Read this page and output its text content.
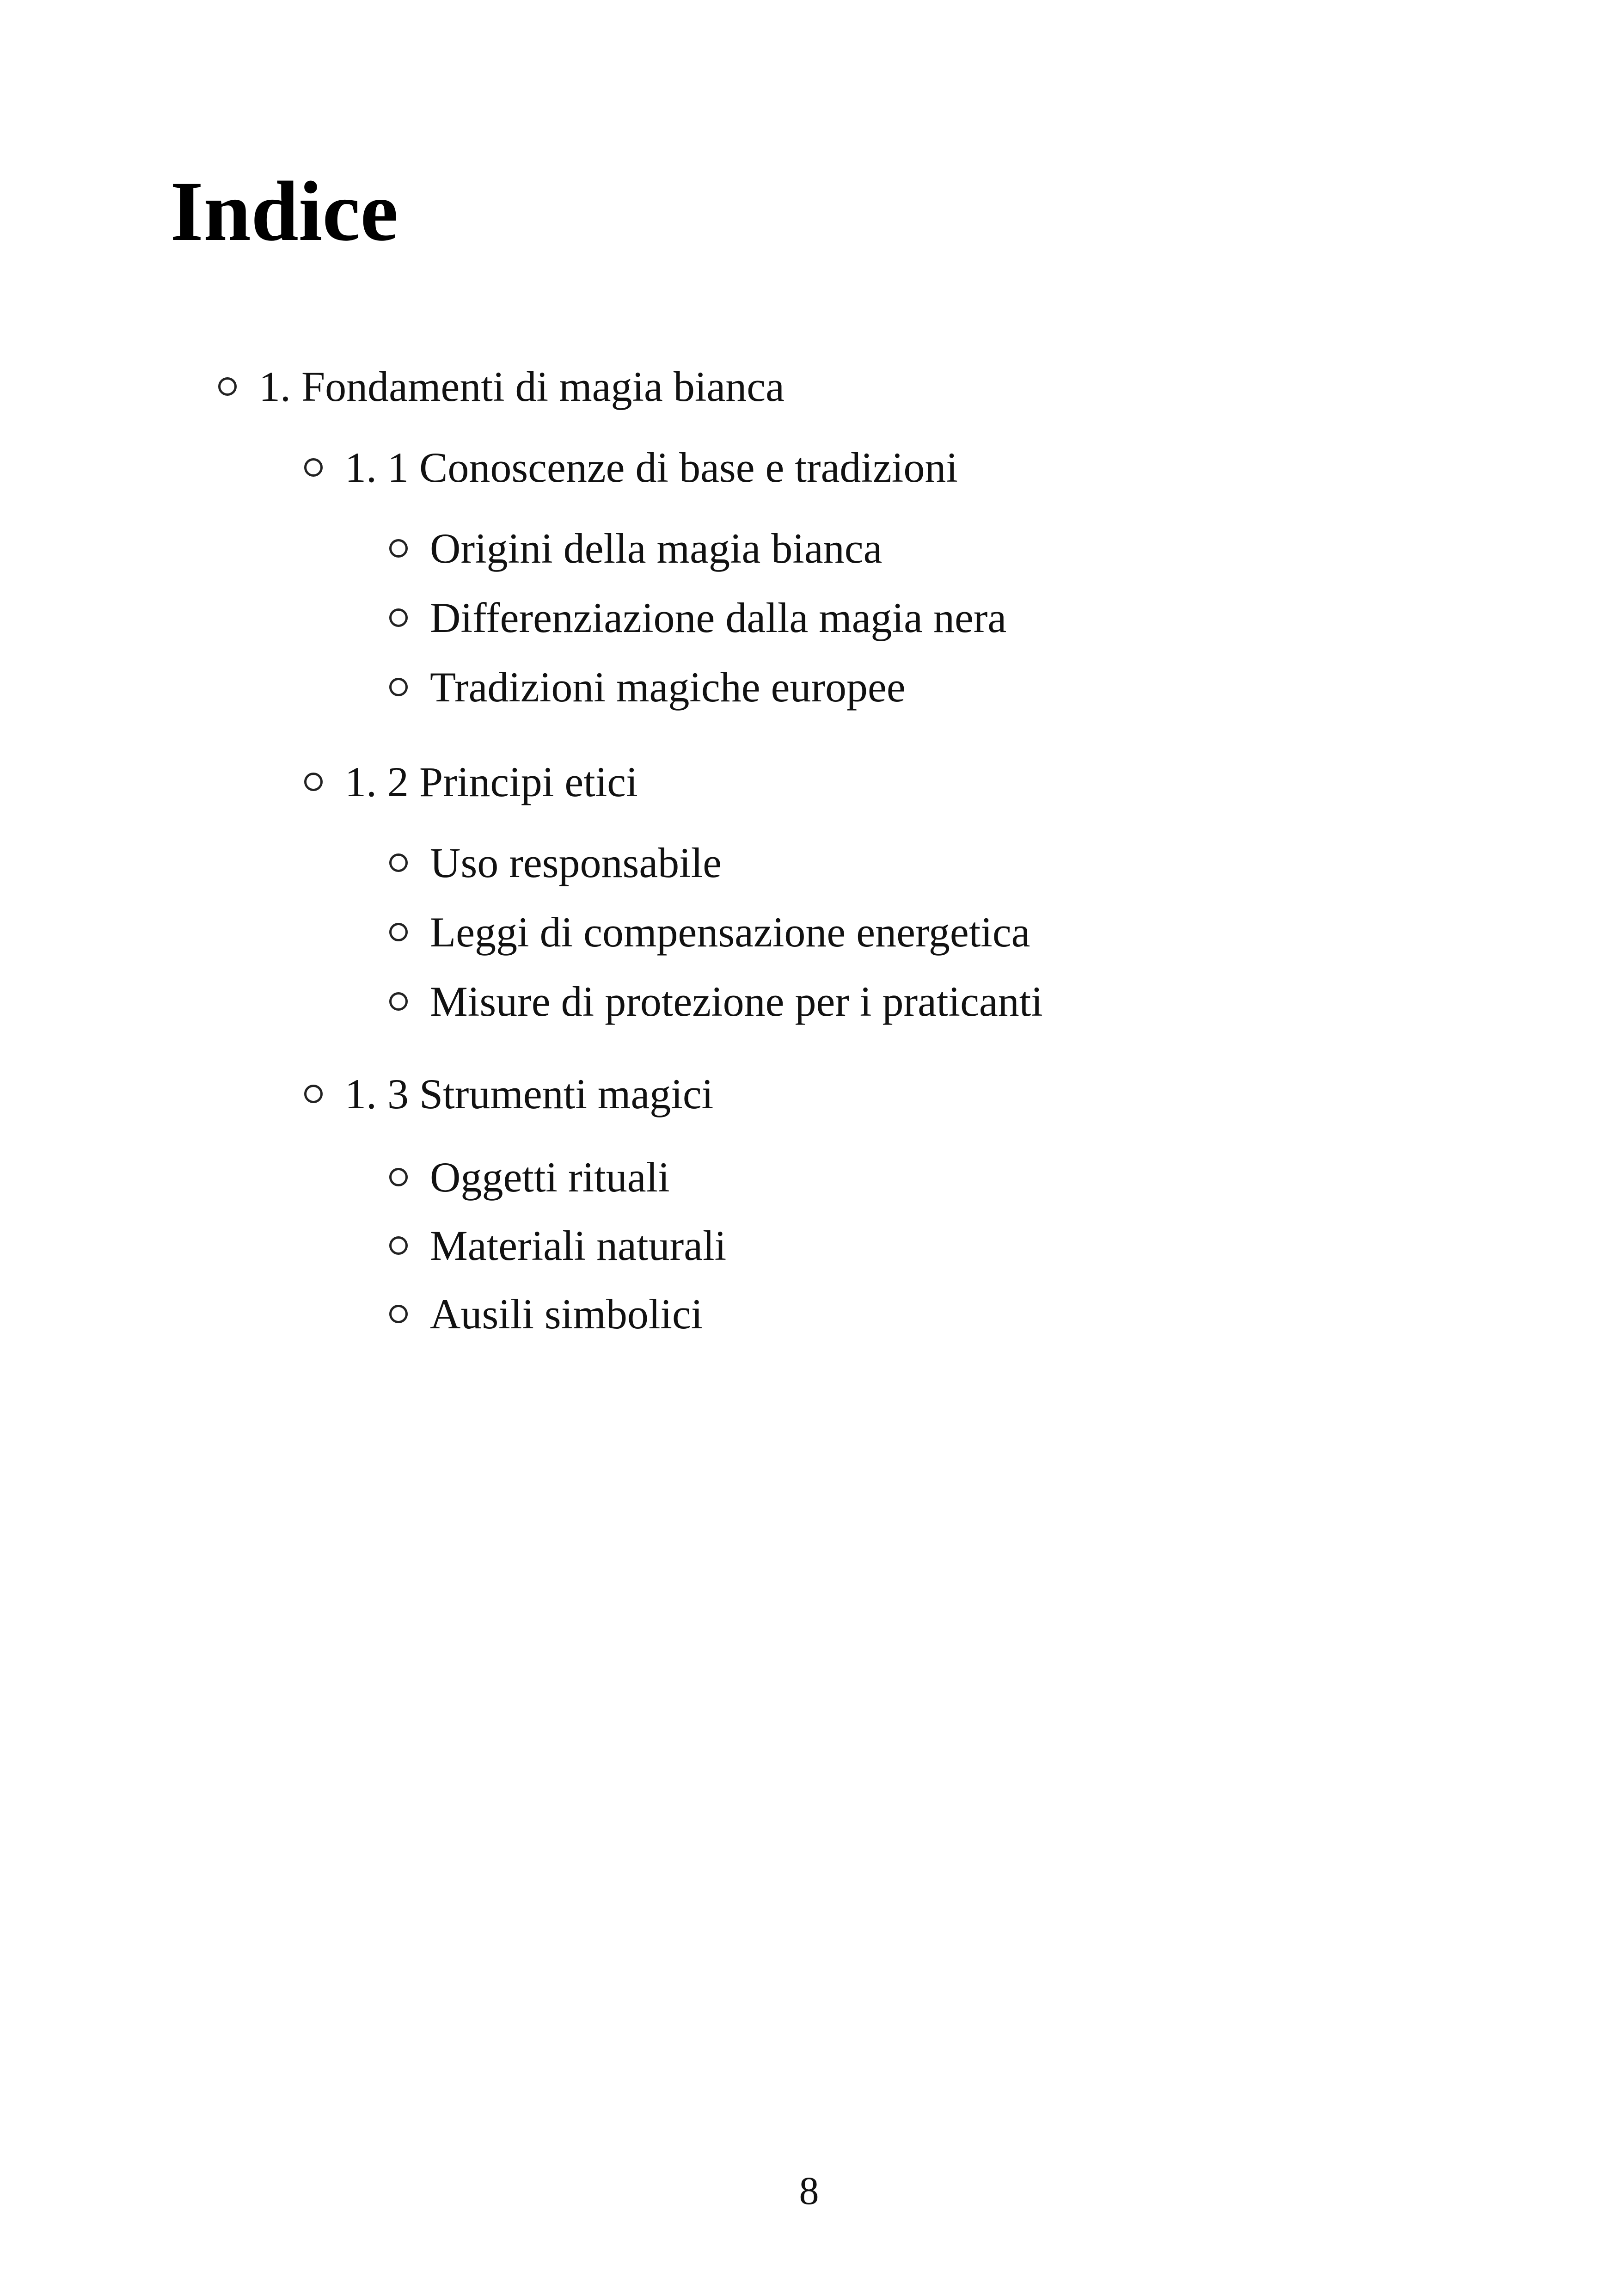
Indice
1. Fondamenti di magia bianca
1. 1 Conoscenze di base e tradizioni
Origini della magia bianca
Differenziazione dalla magia nera
Tradizioni magiche europee
1. 2 Principi etici
Uso responsabile
Leggi di compensazione energetica
Misure di protezione per i praticanti
1. 3 Strumenti magici
Oggetti rituali
Materiali naturali
Ausili simbolici
8
